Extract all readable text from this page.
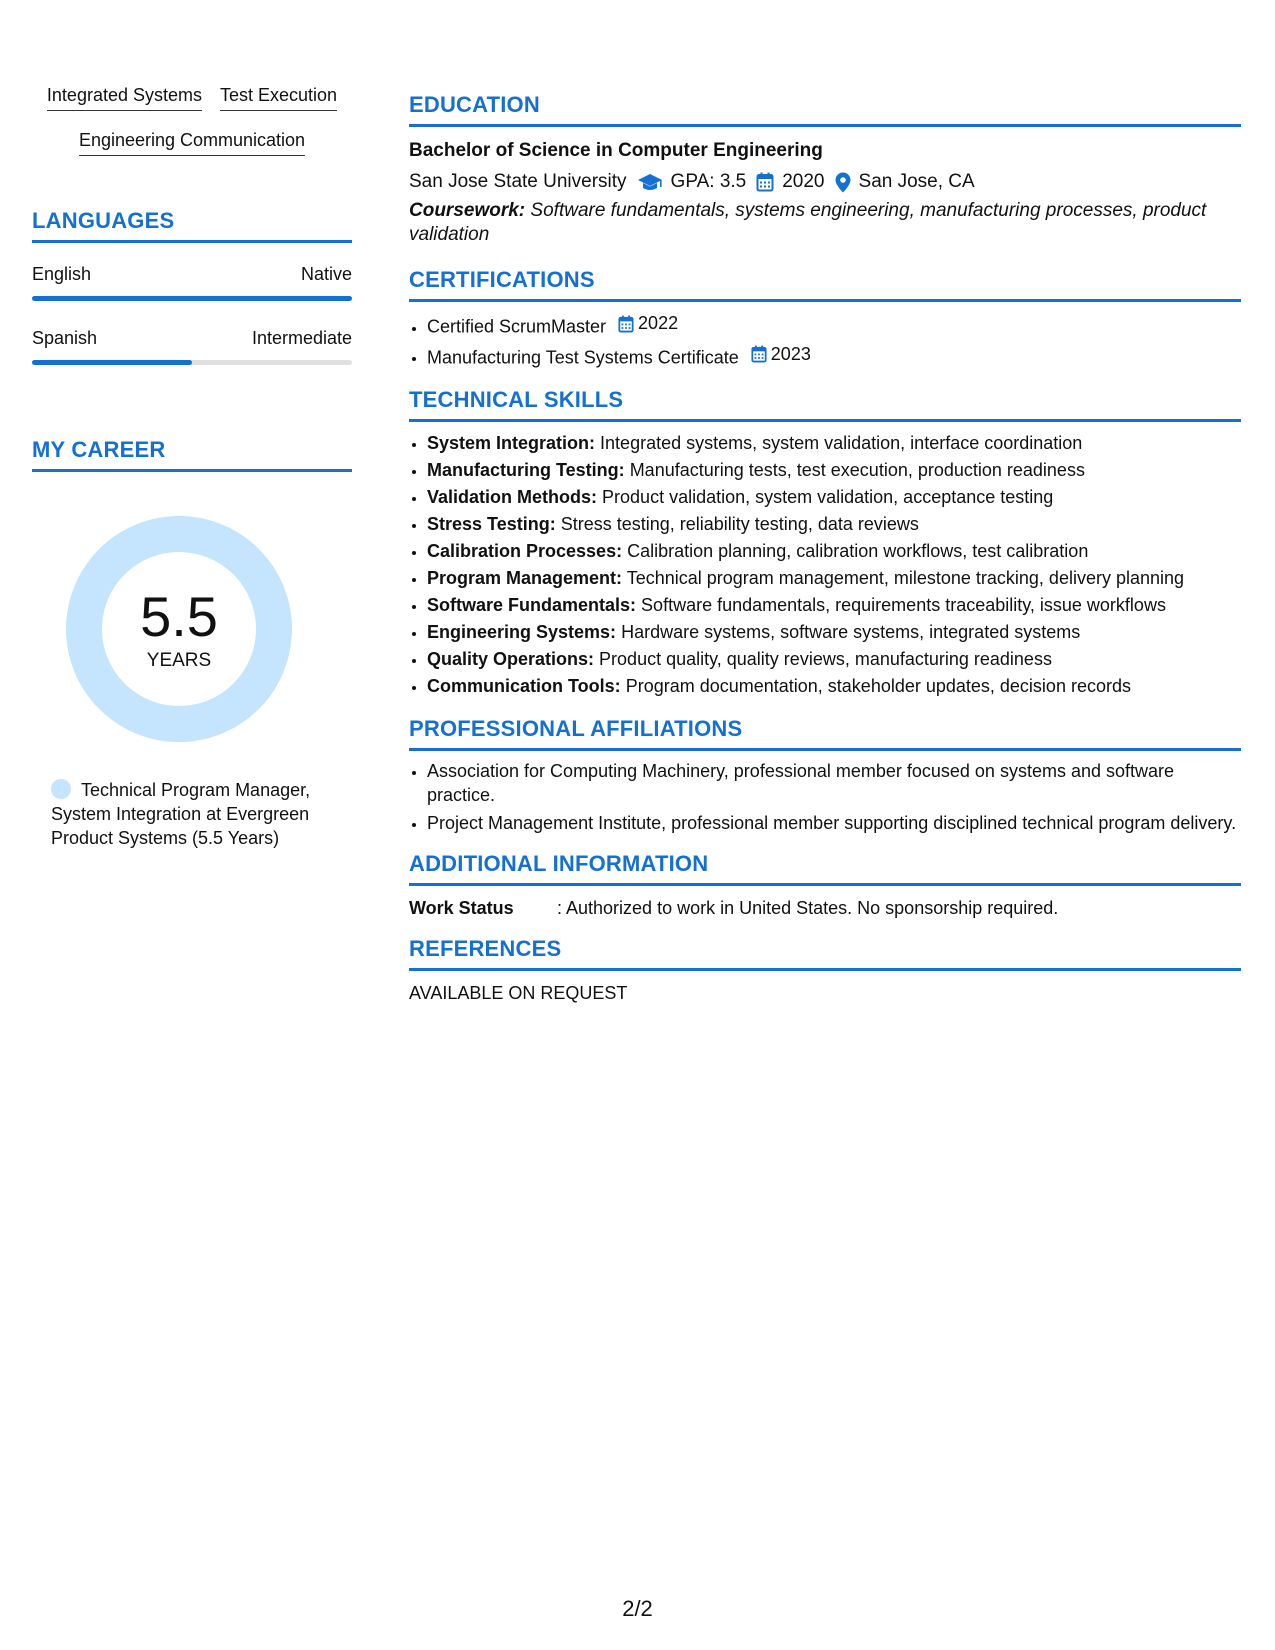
Integrated Systems Test Execution
Engineering Communication
LANGUAGES
English	Native
Spanish	Intermediate
MY CAREER
5.5
YEARS
Technical Program Manager, System Integration at Evergreen Product Systems (5.5 Years)
EDUCATION
Bachelor of Science in Computer Engineering
San Jose State University GPA: 3.5 2020 San Jose, CA
Coursework: Software fundamentals, systems engineering, manufacturing processes, product validation
CERTIFICATIONS
• Certified ScrumMaster 2022
• Manufacturing Test Systems Certificate 2023
TECHNICAL SKILLS
• System Integration: Integrated systems, system validation, interface coordination
• Manufacturing Testing: Manufacturing tests, test execution, production readiness
• Validation Methods: Product validation, system validation, acceptance testing
• Stress Testing: Stress testing, reliability testing, data reviews
• Calibration Processes: Calibration planning, calibration workflows, test calibration
• Program Management: Technical program management, milestone tracking, delivery planning
• Software Fundamentals: Software fundamentals, requirements traceability, issue workflows
• Engineering Systems: Hardware systems, software systems, integrated systems
• Quality Operations: Product quality, quality reviews, manufacturing readiness
• Communication Tools: Program documentation, stakeholder updates, decision records
PROFESSIONAL AFFILIATIONS
• Association for Computing Machinery, professional member focused on systems and software practice.
• Project Management Institute, professional member supporting disciplined technical program delivery.
ADDITIONAL INFORMATION
Work Status	: Authorized to work in United States. No sponsorship required.
REFERENCES
AVAILABLE ON REQUEST
2/2
